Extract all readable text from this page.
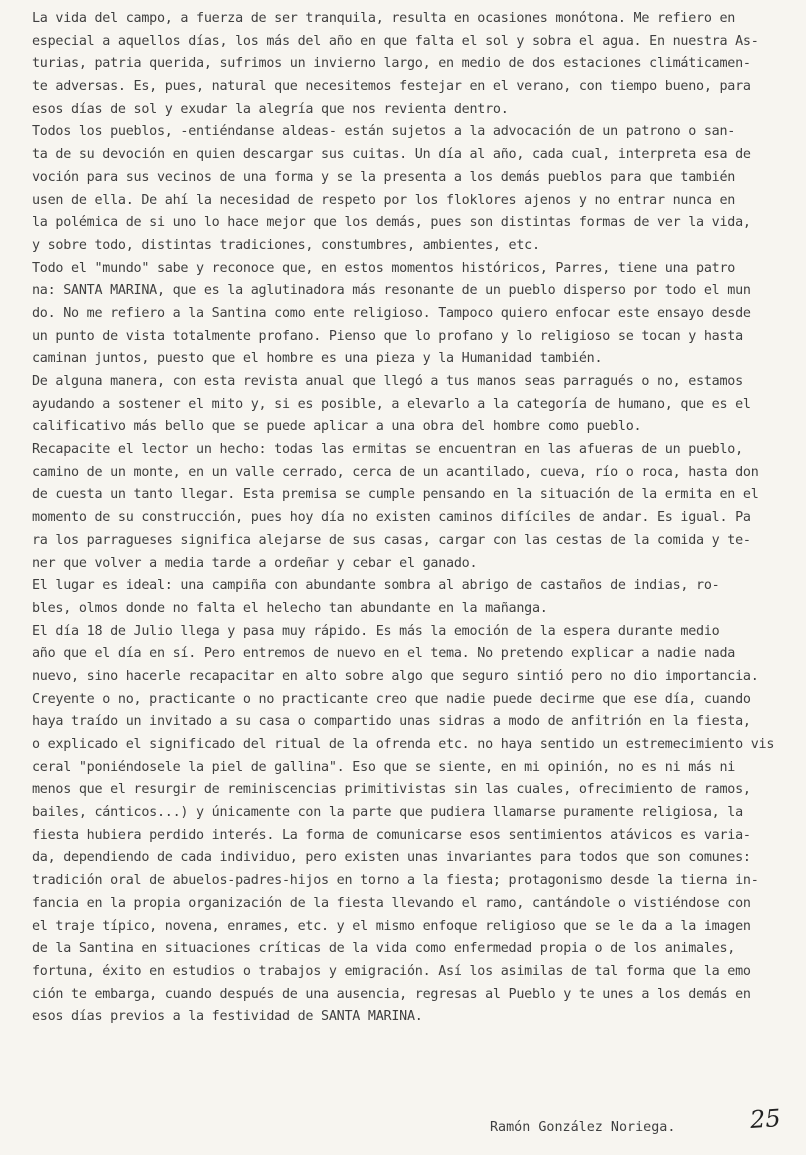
La vida del campo, a fuerza de ser tranquila, resulta en ocasiones monótona. Me refiero en
especial a aquellos días, los más del año en que falta el sol y sobra el agua. En nuestra As-
turias, patria querida, sufrimos un invierno largo, en medio de dos estaciones climáticamen-
te adversas. Es, pues, natural que necesitemos festejar en el verano, con tiempo bueno, para
esos días de sol y exudar la alegría que nos revienta dentro.
Todos los pueblos, -entiéndanse aldeas- están sujetos a la advocación de un patrono o san-
ta de su devoción en quien descargar sus cuitas. Un día al año, cada cual, interpreta esa de
voción para sus vecinos de una forma y se la presenta a los demás pueblos para que también
usen de ella. De ahí la necesidad de respeto por los floklores ajenos y no entrar nunca en
la polémica de si uno lo hace mejor que los demás, pues son distintas formas de ver la vida,
y sobre todo, distintas tradiciones, constumbres, ambientes, etc.
Todo el "mundo" sabe y reconoce que, en estos momentos históricos, Parres, tiene una patro
na: SANTA MARINA, que es la aglutinadora más resonante de un pueblo disperso por todo el mun
do. No me refiero a la Santina como ente religioso. Tampoco quiero enfocar este ensayo desde
un punto de vista totalmente profano. Pienso que lo profano y lo religioso se tocan y hasta
caminan juntos, puesto que el hombre es una pieza y la Humanidad también.
De alguna manera, con esta revista anual que llegó a tus manos seas parragués o no, estamos
ayudando a sostener el mito y, si es posible, a elevarlo a la categoría de humano, que es el
calificativo más bello que se puede aplicar a una obra del hombre como pueblo.
Recapacite el lector un hecho: todas las ermitas se encuentran en las afueras de un pueblo,
camino de un monte, en un valle cerrado, cerca de un acantilado, cueva, río o roca, hasta don
de cuesta un tanto llegar. Esta premisa se cumple pensando en la situación de la ermita en el
momento de su construcción, pues hoy día no existen caminos difíciles de andar. Es igual. Pa
ra los parragueses significa alejarse de sus casas, cargar con las cestas de la comida y te-
ner que volver a media tarde a ordeñar y cebar el ganado.
El lugar es ideal: una campiña con abundante sombra al abrigo de castaños de indias, ro-
bles, olmos donde no falta el helecho tan abundante en la mañanga.
El día 18 de Julio llega y pasa muy rápido. Es más la emoción de la espera durante medio
año que el día en sí. Pero entremos de nuevo en el tema. No pretendo explicar a nadie nada
nuevo, sino hacerle recapacitar en alto sobre algo que seguro sintió pero no dio importancia.
Creyente o no, practicante o no practicante creo que nadie puede decirme que ese día, cuando
haya traído un invitado a su casa o compartido unas sidras a modo de anfitrión en la fiesta,
o explicado el significado del ritual de la ofrenda etc. no haya sentido un estremecimiento vis
ceral "poniéndosele la piel de gallina". Eso que se siente, en mi opinión, no es ni más ni
menos que el resurgir de reminiscencias primitivistas sin las cuales, ofrecimiento de ramos,
bailes, cánticos...) y únicamente con la parte que pudiera llamarse puramente religiosa, la
fiesta hubiera perdido interés. La forma de comunicarse esos sentimientos atávicos es varia-
da, dependiendo de cada individuo, pero existen unas invariantes para todos que son comunes:
tradición oral de abuelos-padres-hijos en torno a la fiesta; protagonismo desde la tierna in-
fancia en la propia organización de la fiesta llevando el ramo, cantándole o vistiéndose con
el traje típico, novena, enrames, etc. y el mismo enfoque religioso que se le da a la imagen
de la Santina en situaciones críticas de la vida como enfermedad propia o de los animales,
fortuna, éxito en estudios o trabajos y emigración. Así los asimilas de tal forma que la emo
ción te embarga, cuando después de una ausencia, regresas al Pueblo y te unes a los demás en
esos días previos a la festividad de SANTA MARINA.
Ramón González Noriega.	25
